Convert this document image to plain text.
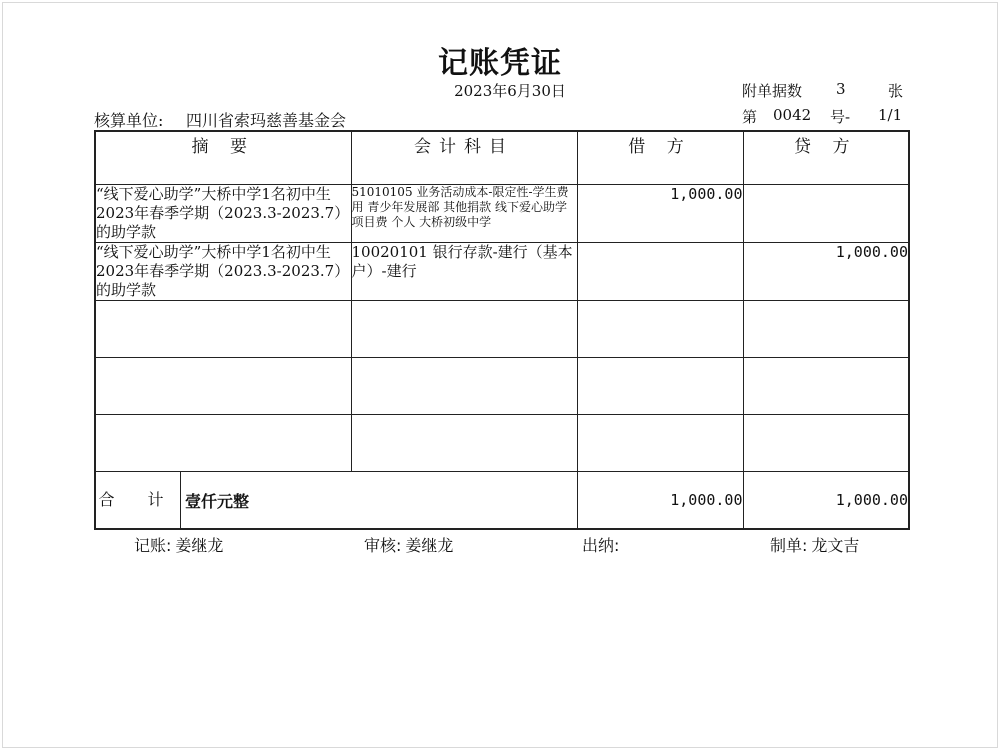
记账凭证
2023年6月30日	附单据数 3	张
核算单位: 四川省索玛慈善基金会	第 0042 号- 1/1
摘 要	会计科目	借 方	贷 方
“线下爱心助学”大桥中学1名初中生2023年春季学期（2023.3-2023.7）的助学款	51010105 业务活动成本-限定性-学生费用 青少年发展部 其他捐款 线下爱心助学 项目费 个人 大桥初级中学	1,000.00	
“线下爱心助学”大桥中学1名初中生2023年春季学期（2023.3-2023.7）的助学款	10020101 银行存款-建行（基本户）-建行		1,000.00

合 计 壹仟元整		1,000.00	1,000.00
记账: 姜继龙	审核: 姜继龙	出纳:	制单: 龙文吉
